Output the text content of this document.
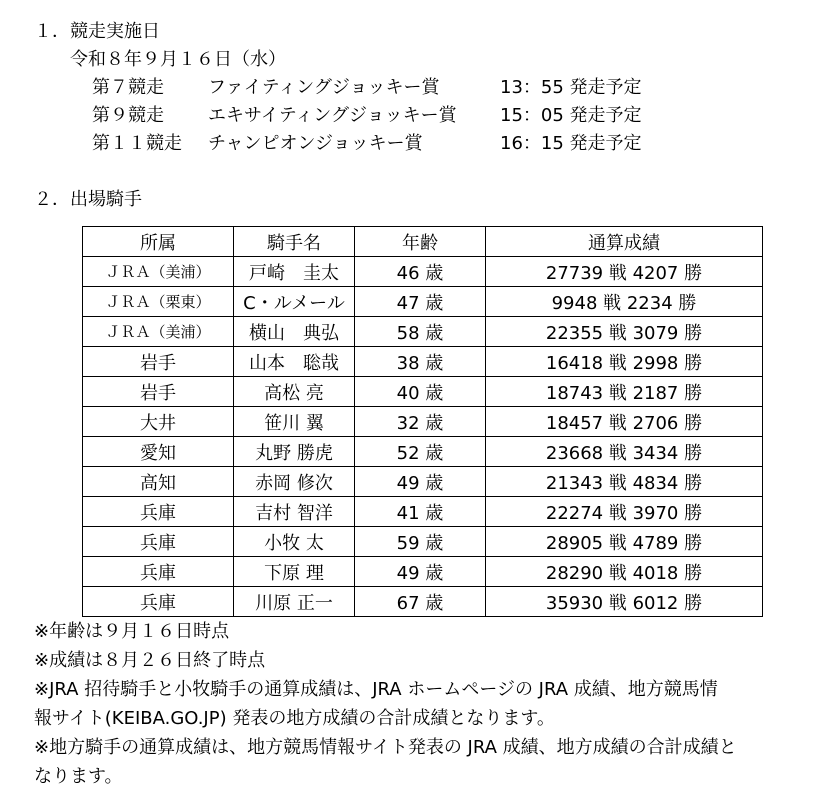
１．競走実施日
令和８年９月１６日（水）
第７競走 ファイティングジョッキー賞	13：55 発走予定
第９競走 エキサイティングジョッキー賞 15：05 発走予定
第１１競走 チャンピオンジョッキー賞	16：15 発走予定
２．出場騎手
所属	騎手名	年齢	通算成績
ＪＲＡ（美浦）	戸崎　圭太	46 歳	27739 戦 4207 勝
ＪＲＡ（栗東）	C・ルメール	47 歳	9948 戦 2234 勝
ＪＲＡ（美浦）	横山　典弘	58 歳	22355 戦 3079 勝
岩手	山本　聡哉	38 歳	16418 戦 2998 勝
岩手	高松 亮	40 歳	18743 戦 2187 勝
大井	笹川 翼	32 歳	18457 戦 2706 勝
愛知	丸野 勝虎	52 歳	23668 戦 3434 勝
高知	赤岡 修次	49 歳	21343 戦 4834 勝
兵庫	吉村 智洋	41 歳	22274 戦 3970 勝
兵庫	小牧 太	59 歳	28905 戦 4789 勝
兵庫	下原 理	49 歳	28290 戦 4018 勝
兵庫	川原 正一	67 歳	35930 戦 6012 勝
※年齢は９月１６日時点
※成績は８月２６日終了時点
※JRA 招待騎手と小牧騎手の通算成績は、JRA ホームページの JRA 成績、地方競馬情
報サイト(KEIBA.GO.JP) 発表の地方成績の合計成績となります。
※地方騎手の通算成績は、地方競馬情報サイト発表の JRA 成績、地方成績の合計成績と
なります。
